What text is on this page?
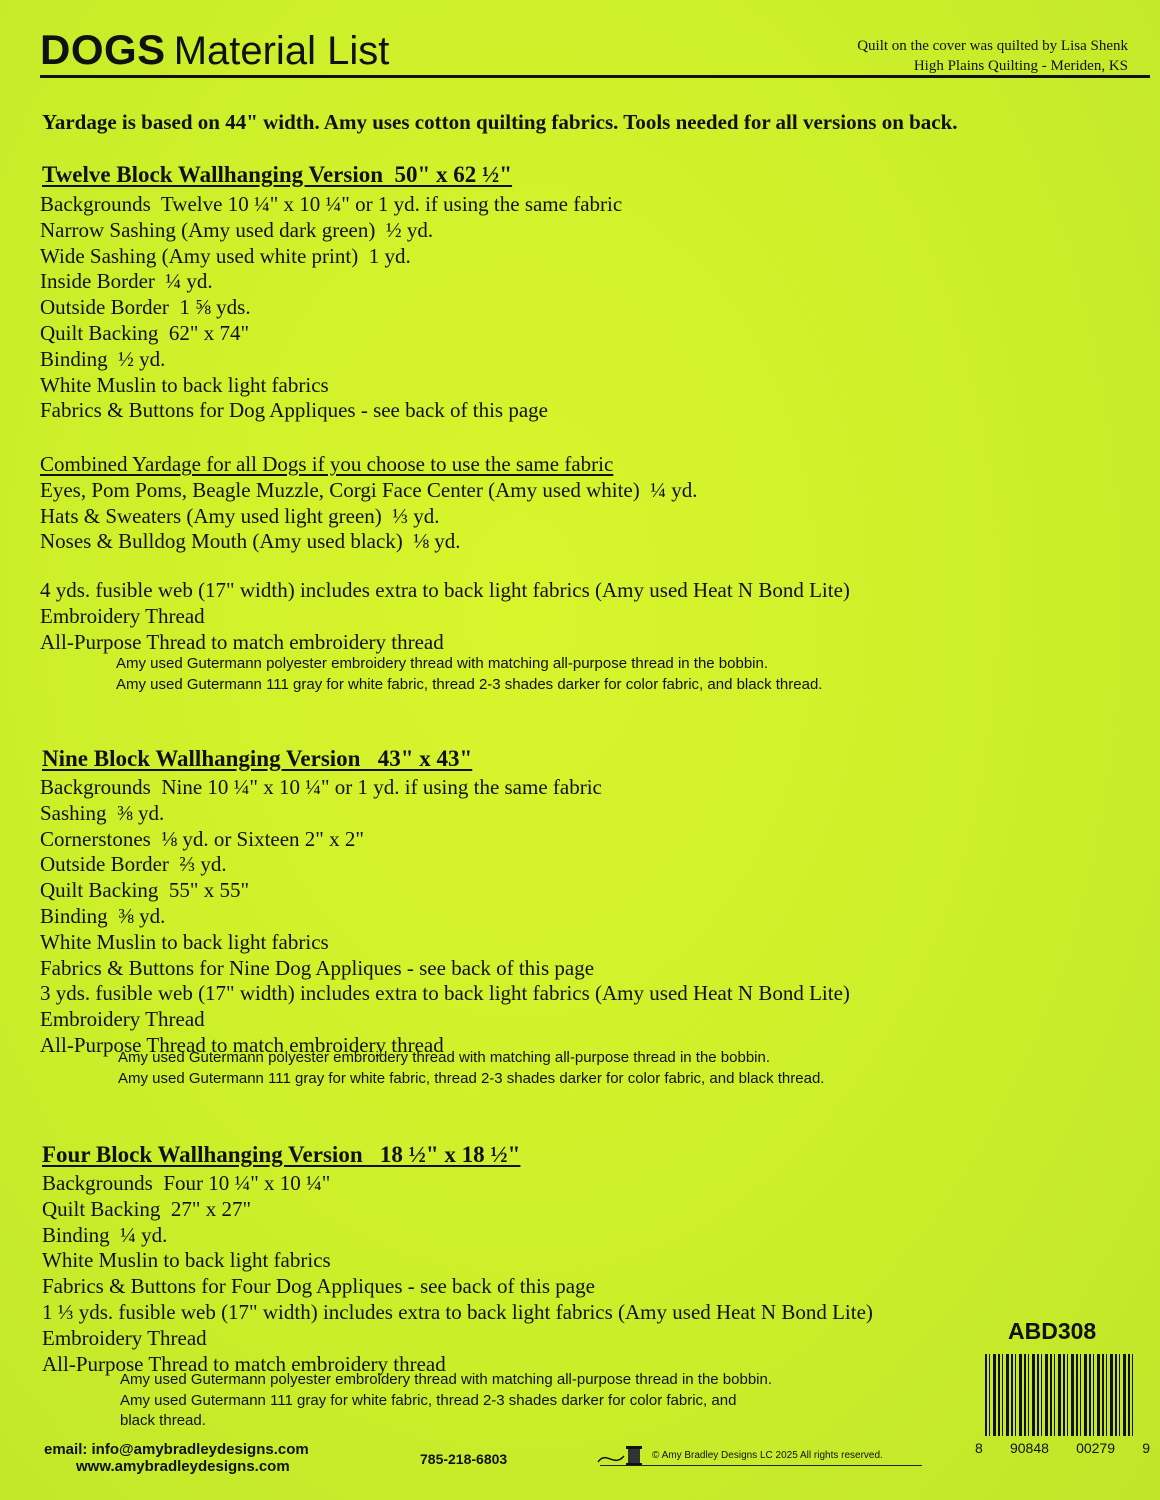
DOGS Material List	Quilt on the cover was quilted by Lisa Shenk
High Plains Quilting - Meriden, KS
Yardage is based on 44" width. Amy uses cotton quilting fabrics. Tools needed for all versions on back.
Twelve Block Wallhanging Version  50" x 62 ½"
Backgrounds  Twelve 10 ¼" x 10 ¼" or 1 yd. if using the same fabric
Narrow Sashing (Amy used dark green)  ½ yd.
Wide Sashing (Amy used white print)  1 yd.
Inside Border  ¼ yd.
Outside Border  1 ⅝ yds.
Quilt Backing  62" x 74"
Binding  ½ yd.
White Muslin to back light fabrics
Fabrics & Buttons for Dog Appliques - see back of this page
Combined Yardage for all Dogs if you choose to use the same fabric
Eyes, Pom Poms, Beagle Muzzle, Corgi Face Center (Amy used white)  ¼ yd.
Hats & Sweaters (Amy used light green)  ⅓ yd.
Noses & Bulldog Mouth (Amy used black)  ⅛ yd.
4 yds. fusible web (17" width) includes extra to back light fabrics (Amy used Heat N Bond Lite)
Embroidery Thread
All-Purpose Thread to match embroidery thread
Amy used Gutermann polyester embroidery thread with matching all-purpose thread in the bobbin.
Amy used Gutermann 111 gray for white fabric, thread 2-3 shades darker for color fabric, and black thread.
Nine Block Wallhanging Version   43" x 43"
Backgrounds  Nine 10 ¼" x 10 ¼" or 1 yd. if using the same fabric
Sashing  ⅜ yd.
Cornerstones  ⅛ yd. or Sixteen 2" x 2"
Outside Border  ⅔ yd.
Quilt Backing  55" x 55"
Binding  ⅜ yd.
White Muslin to back light fabrics
Fabrics & Buttons for Nine Dog Appliques - see back of this page
3 yds. fusible web (17" width) includes extra to back light fabrics (Amy used Heat N Bond Lite)
Embroidery Thread
All-Purpose Thread to match embroidery thread
Amy used Gutermann polyester embroidery thread with matching all-purpose thread in the bobbin.
Amy used Gutermann 111 gray for white fabric, thread 2-3 shades darker for color fabric, and black thread.
Four Block Wallhanging Version   18 ½" x 18 ½"
Backgrounds  Four 10 ¼" x 10 ¼"
Quilt Backing  27" x 27"
Binding  ¼ yd.
White Muslin to back light fabrics
Fabrics & Buttons for Four Dog Appliques - see back of this page
1 ⅓ yds. fusible web (17" width) includes extra to back light fabrics (Amy used Heat N Bond Lite)
Embroidery Thread
All-Purpose Thread to match embroidery thread
Amy used Gutermann polyester embroidery thread with matching all-purpose thread in the bobbin.
Amy used Gutermann 111 gray for white fabric, thread 2-3 shades darker for color fabric, and
black thread.
ABD308
8 90848 00279 9
email: info@amybradleydesigns.com
www.amybradleydesigns.com	785-218-6803	© Amy Bradley Designs LC 2025 All rights reserved.
